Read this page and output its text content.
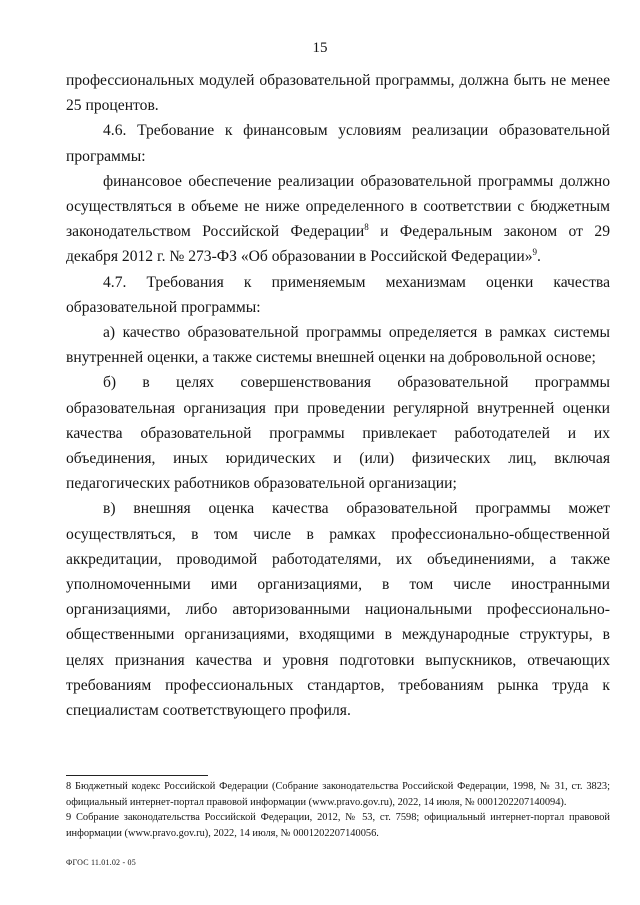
15

профессиональных модулей образовательной программы, должна быть не менее 25 процентов.

4.6. Требование к финансовым условиям реализации образовательной программы:

финансовое обеспечение реализации образовательной программы должно осуществляться в объеме не ниже определенного в соответствии с бюджетным законодательством Российской Федерации$^8$ и Федеральным законом от 29 декабря 2012 г. № 273-ФЗ «Об образовании в Российской Федерации»$^9$.

4.7. Требования к применяемым механизмам оценки качества образовательной программы:

а) качество образовательной программы определяется в рамках системы внутренней оценки, а также системы внешней оценки на добровольной основе;

б) в целях совершенствования образовательной программы образовательная организация при проведении регулярной внутренней оценки качества образовательной программы привлекает работодателей и их объединения, иных юридических и (или) физических лиц, включая педагогических работников образовательной организации;

в) внешняя оценка качества образовательной программы может осуществляться, в том числе в рамках профессионально-общественной аккредитации, проводимой работодателями, их объединениями, а также уполномоченными ими организациями, в том числе иностранными организациями, либо авторизованными национальными профессионально-общественными организациями, входящими в международные структуры, в целях признания качества и уровня подготовки выпускников, отвечающих требованиям профессиональных стандартов, требованиям рынка труда к специалистам соответствующего профиля.

8 Бюджетный кодекс Российской Федерации (Собрание законодательства Российской Федерации, 1998, № 31, ст. 3823; официальный интернет-портал правовой информации (www.pravo.gov.ru), 2022, 14 июля, № 0001202207140094).

9 Собрание законодательства Российской Федерации, 2012, № 53, ст. 7598; официальный интернет-портал правовой информации (www.pravo.gov.ru), 2022, 14 июля, № 0001202207140056.

ФГОС 11.01.02 - 05
